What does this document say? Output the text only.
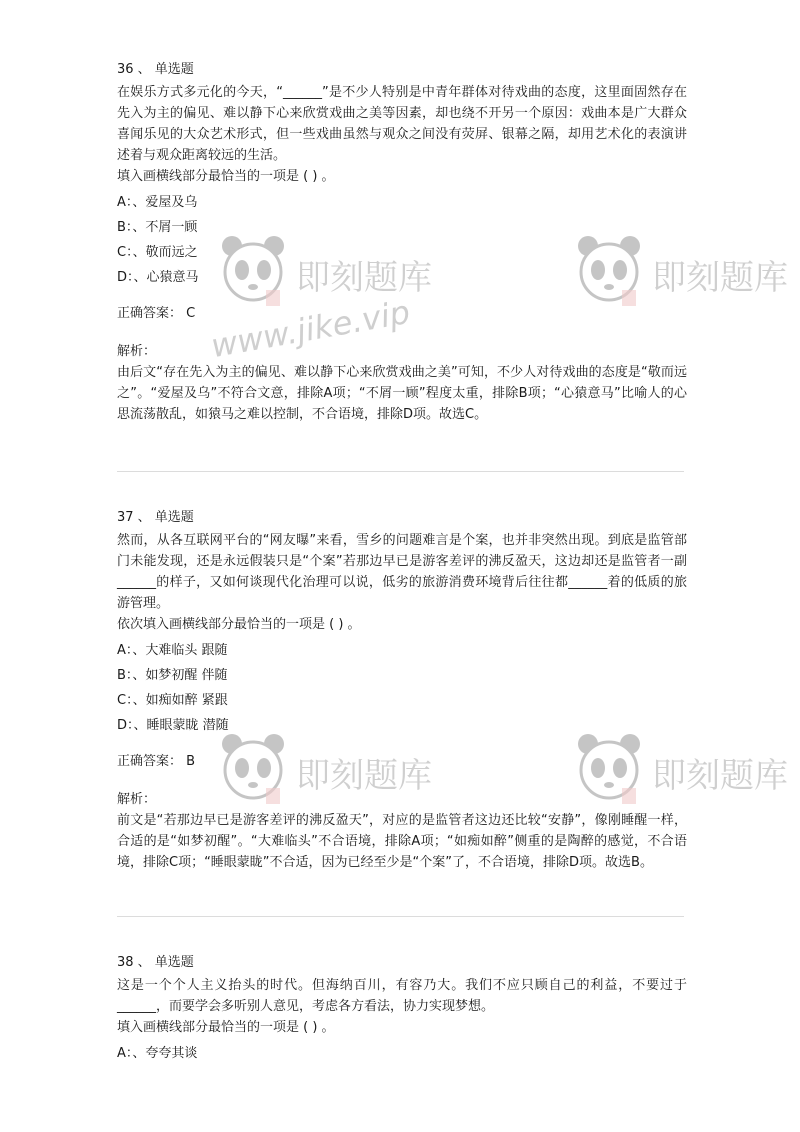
即刻题库
www.jike.vip
即刻题库
即刻题库	即刻题库
36 、 单选题
在娱乐方式多元化的今天，“______”是不少人特别是中青年群体对待戏曲的态度，这里面固然存在先入为主的偏见、难以静下心来欣赏戏曲之美等因素，却也绕不开另一个原因：戏曲本是广大群众喜闻乐见的大众艺术形式，但一些戏曲虽然与观众之间没有荧屏、银幕之隔，却用艺术化的表演讲述着与观众距离较远的生活。
填入画横线部分最恰当的一项是 ( ) 。
A：、爱屋及乌
B：、不屑一顾
C：、敬而远之
D：、心猿意马
正确答案： C
解析：
由后文“存在先入为主的偏见、难以静下心来欣赏戏曲之美”可知，不少人对待戏曲的态度是“敬而远之”。“爱屋及乌”不符合文意，排除A项；“不屑一顾”程度太重，排除B项；“心猿意马”比喻人的心思流荡散乱，如猿马之难以控制，不合语境，排除D项。故选C。
37 、 单选题
然而，从各互联网平台的“网友曝”来看，雪乡的问题难言是个案，也并非突然出现。到底是监管部门未能发现，还是永远假装只是“个案”若那边早已是游客差评的沸反盈天，这边却还是监管者一副______的样子，又如何谈现代化治理可以说，低劣的旅游消费环境背后往往都______着的低质的旅游管理。
依次填入画横线部分最恰当的一项是 ( ) 。
A：、大难临头 跟随
B：、如梦初醒 伴随
C：、如痴如醉 紧跟
D：、睡眼蒙眬 潜随
正确答案： B
解析：
前文是“若那边早已是游客差评的沸反盈天”，对应的是监管者这边还比较“安静”，像刚睡醒一样，合适的是“如梦初醒”。“大难临头”不合语境，排除A项；“如痴如醉”侧重的是陶醉的感觉，不合语境，排除C项；“睡眼蒙眬”不合适，因为已经至少是“个案”了，不合语境，排除D项。故选B。
38 、 单选题
这是一个个人主义抬头的时代。但海纳百川，有容乃大。我们不应只顾自己的利益，不要过于______，而要学会多听别人意见，考虑各方看法，协力实现梦想。
填入画横线部分最恰当的一项是 ( ) 。
A：、夸夸其谈
